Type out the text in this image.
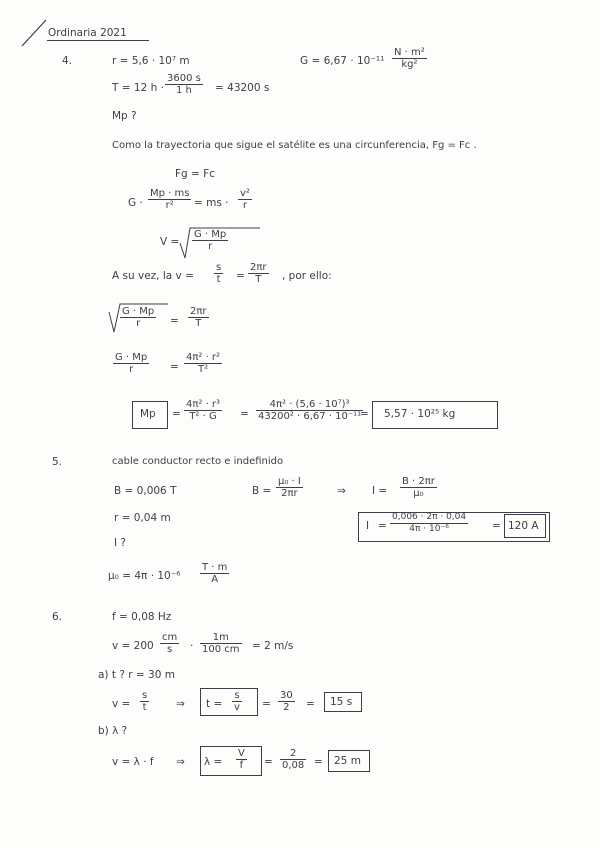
Ordinaria 2021
4.	r = 5,6 · 10⁷ m	$G = 6,67 \cdot 10^{-11} \frac{\text{N · m²}}{\text{kg²}}$
T = 12 $h \cdot \frac{3600 s}{1 h} = 43200$ s
Mp ?
Como la trayectoria que sigue el satélite es una circunferencia, Fg = Fc .
Fg = Fc
$G \cdot \frac{Mp \cdot ms}{\text{r²}}$ = ms · $\frac{\text{v²}}{r}$
$V = \frac{G \cdot Mp}{r}$
A su vez, la $v = \frac{s}{t} = \frac{2\pi r}{T}$ , por ello:
$\frac{G \cdot Mp}{r} = \frac{2\pi r}{T}$
$\frac{G \cdot Mp}{r} = \frac{\text{4π² · r²}}{\text{T²}}$
$Mp = \frac{\text{4π² · r³}}{\text{T² · G}} = \frac{\text{4π² · (5,6 · 10⁷)³}}{\text{43200² · 6,67 · 10⁻¹¹}}$
= 5,57 · 10²⁵ kg
5.	cable conductor recto e indefinido
B = 0,006 T	$B = \frac{\text{μ₀ · I}}{2\pi r}$	⇒ $I = \frac{B \cdot 2\pi r}{\text{μ₀}}$
r = 0,04 m
$I = \frac{0,006 \cdot 2\pi \cdot 0,04}{\text{4π · 10⁻⁶}} = 120$ A
I ?
$\mu_0 = 4\pi \cdot 10^{-6} \frac{T \cdot m}{A}$
6.	f = 0,08 Hz
$v = 200 \frac{cm}{s} \cdot \frac{1m}{100 cm} = 2$ m/s
a) t ? r = 30 m
$v = \frac{s}{t}$	⇒ $t = \frac{s}{v} = \frac{30}{2} = 15$ s
b) λ ?
v = λ · f ⇒ $\lambda = \frac{V}{f} = \frac{2}{0,08} = 25$ m
